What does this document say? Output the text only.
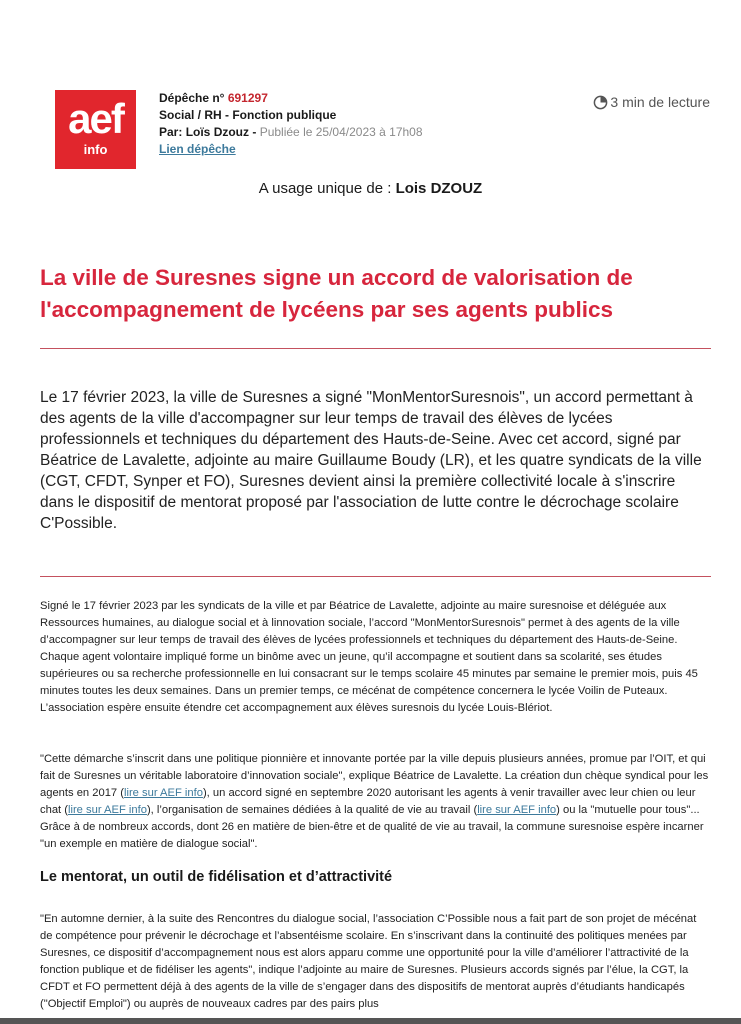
aef
info
Dépêche n° 691297
Social / RH - Fonction publique
Par: Loïs Dzouz - Publiée le 25/04/2023 à 17h08
Lien dépêche
3 min de lecture
A usage unique de : Lois DZOUZ
La ville de Suresnes signe un accord de valorisation de l'accompagnement de lycéens par ses agents publics

Le 17 février 2023, la ville de Suresnes a signé "MonMentorSuresnois", un accord permettant à des agents de la ville d'accompagner sur leur temps de travail des élèves de lycées professionnels et techniques du département des Hauts-de-Seine. Avec cet accord, signé par Béatrice de Lavalette, adjointe au maire Guillaume Boudy (LR), et les quatre syndicats de la ville (CGT, CFDT, Synper et FO), Suresnes devient ainsi la première collectivité locale à s'inscrire dans le dispositif de mentorat proposé par l'association de lutte contre le décrochage scolaire C'Possible.

Signé le 17 février 2023 par les syndicats de la ville et par Béatrice de Lavalette, adjointe au maire suresnoise et déléguée aux Ressources humaines, au dialogue social et à linnovation sociale, l’accord "MonMentorSuresnois" permet à des agents de la ville d’accompagner sur leur temps de travail des élèves de lycées professionnels et techniques du département des Hauts-de-Seine. Chaque agent volontaire impliqué forme un binôme avec un jeune, qu’il accompagne et soutient dans sa scolarité, ses études supérieures ou sa recherche professionnelle en lui consacrant sur le temps scolaire 45 minutes par semaine le premier mois, puis 45 minutes toutes les deux semaines. Dans un premier temps, ce mécénat de compétence concernera le lycée Voilin de Puteaux. L’association espère ensuite étendre cet accompagnement aux élèves suresnois du lycée Louis-Blériot.

"Cette démarche s’inscrit dans une politique pionnière et innovante portée par la ville depuis plusieurs années, promue par l’OIT, et qui fait de Suresnes un véritable laboratoire d’innovation sociale", explique Béatrice de Lavalette. La création dun chèque syndical pour les agents en 2017 (lire sur AEF info), un accord signé en septembre 2020 autorisant les agents à venir travailler avec leur chien ou leur chat (lire sur AEF info), l’organisation de semaines dédiées à la qualité de vie au travail (lire sur AEF info) ou la "mutuelle pour tous"... Grâce à de nombreux accords, dont 26 en matière de bien-être et de qualité de vie au travail, la commune suresnoise espère incarner "un exemple en matière de dialogue social".

Le mentorat, un outil de fidélisation et d’attractivité

"En automne dernier, à la suite des Rencontres du dialogue social, l’association C’Possible nous a fait part de son projet de mécénat de compétence pour prévenir le décrochage et l’absentéisme scolaire. En s’inscrivant dans la continuité des politiques menées par Suresnes, ce dispositif d’accompagnement nous est alors apparu comme une opportunité pour la ville d’améliorer l’attractivité de la fonction publique et de fidéliser les agents", indique l’adjointe au maire de Suresnes. Plusieurs accords signés par l’élue, la CGT, la CFDT et FO permettent déjà à des agents de la ville de s’engager dans des dispositifs de mentorat auprès d’étudiants handicapés ("Objectif Emploi") ou auprès de nouveaux cadres par des pairs plus
